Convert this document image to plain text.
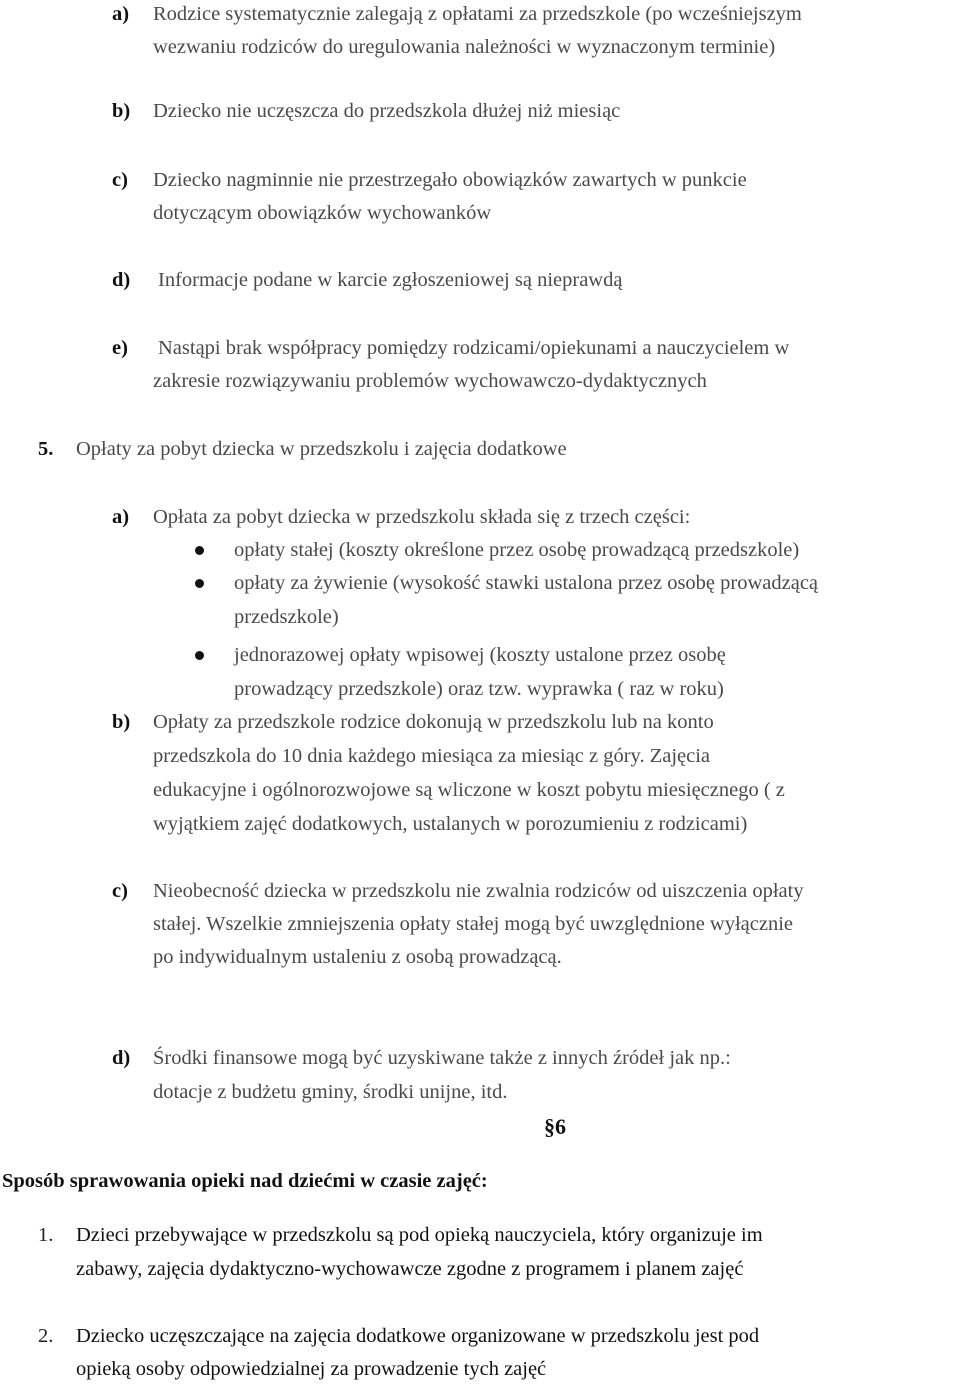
a) Rodzice systematycznie zalegają z opłatami za przedszkole (po wcześniejszym
wezwaniu rodziców do uregulowania należności w wyznaczonym terminie)
b) Dziecko nie uczęszcza do przedszkola dłużej niż miesiąc
c) Dziecko nagminnie nie przestrzegało obowiązków zawartych w punkcie
dotyczącym obowiązków wychowanków
d) Informacje podane w karcie zgłoszeniowej są nieprawdą
e) Nastąpi brak współpracy pomiędzy rodzicami/opiekunami a nauczycielem w
zakresie rozwiązywaniu problemów wychowawczo-dydaktycznych
5. Opłaty za pobyt dziecka w przedszkolu i zajęcia dodatkowe
a) Opłata za pobyt dziecka w przedszkolu składa się z trzech części:
opłaty stałej (koszty określone przez osobę prowadzącą przedszkole)
opłaty za żywienie (wysokość stawki ustalona przez osobę prowadzącą
przedszkole)
jednorazowej opłaty wpisowej (koszty ustalone przez osobę
prowadzący przedszkole) oraz tzw. wyprawka ( raz w roku)
b) Opłaty za przedszkole rodzice dokonują w przedszkolu lub na konto
przedszkola do 10 dnia każdego miesiąca za miesiąc z góry. Zajęcia
edukacyjne i ogólnorozwojowe są wliczone w koszt pobytu miesięcznego ( z
wyjątkiem zajęć dodatkowych, ustalanych w porozumieniu z rodzicami)
c) Nieobecność dziecka w przedszkolu nie zwalnia rodziców od uiszczenia opłaty
stałej. Wszelkie zmniejszenia opłaty stałej mogą być uwzględnione wyłącznie
po indywidualnym ustaleniu z osobą prowadzącą.
d) Środki finansowe mogą być uzyskiwane także z innych źródeł jak np.:
dotacje z budżetu gminy, środki unijne, itd.
§6
Sposób sprawowania opieki nad dziećmi w czasie zajęć:
1. Dzieci przebywające w przedszkolu są pod opieką nauczyciela, który organizuje im
zabawy, zajęcia dydaktyczno-wychowawcze zgodne z programem i planem zajęć
2. Dziecko uczęszczające na zajęcia dodatkowe organizowane w przedszkolu jest pod
opieką osoby odpowiedzialnej za prowadzenie tych zajęć
